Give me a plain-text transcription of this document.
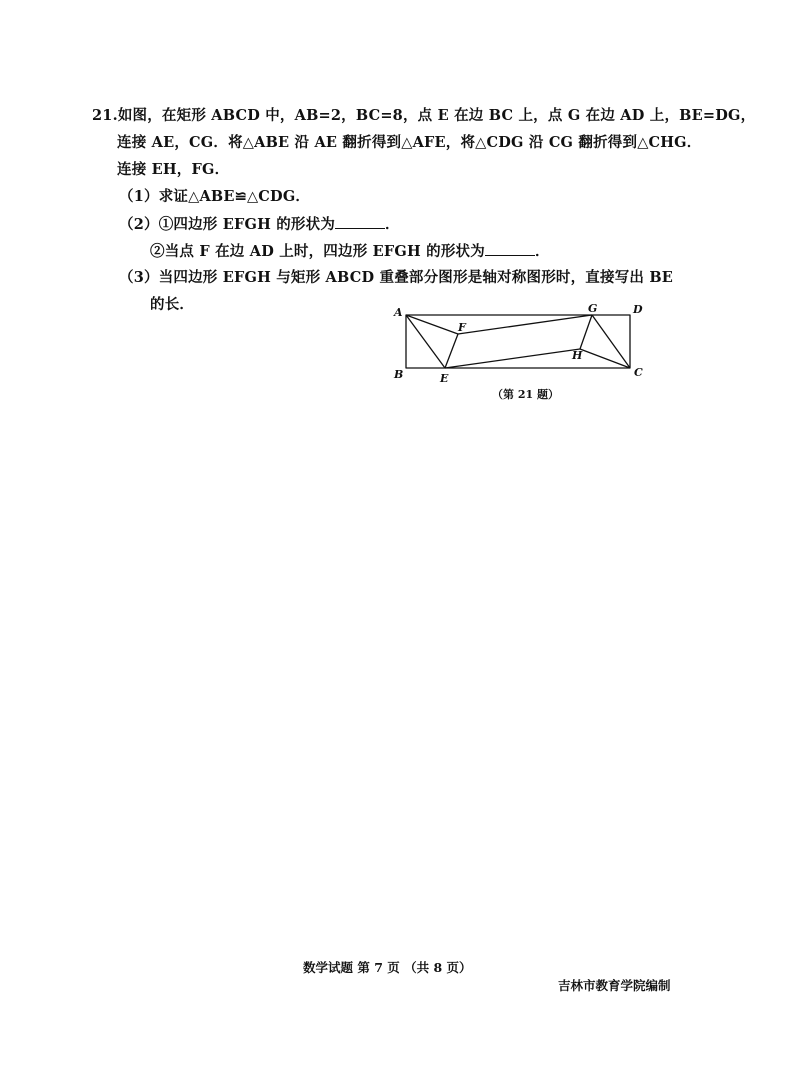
21.如图，在矩形 ABCD 中，AB=2，BC=8，点 E 在边 BC 上，点 G 在边 AD 上，BE=DG，
连接 AE，CG．将△ABE 沿 AE 翻折得到△AFE，将△CDG 沿 CG 翻折得到△CHG．
连接 EH，FG．
（1）求证△ABE≌△CDG．
（2）①四边形 EFGH 的形状为	．
②当点 F 在边 AD 上时，四边形 EFGH 的形状为	．
（3）当四边形 EFGH 与矩形 ABCD 重叠部分图形是轴对称图形时，直接写出 BE
的长．	A
B	C
D
E
F
G
H
（第 21 题）
数学试题 第 7 页 （共 8 页）
吉林市教育学院编制
